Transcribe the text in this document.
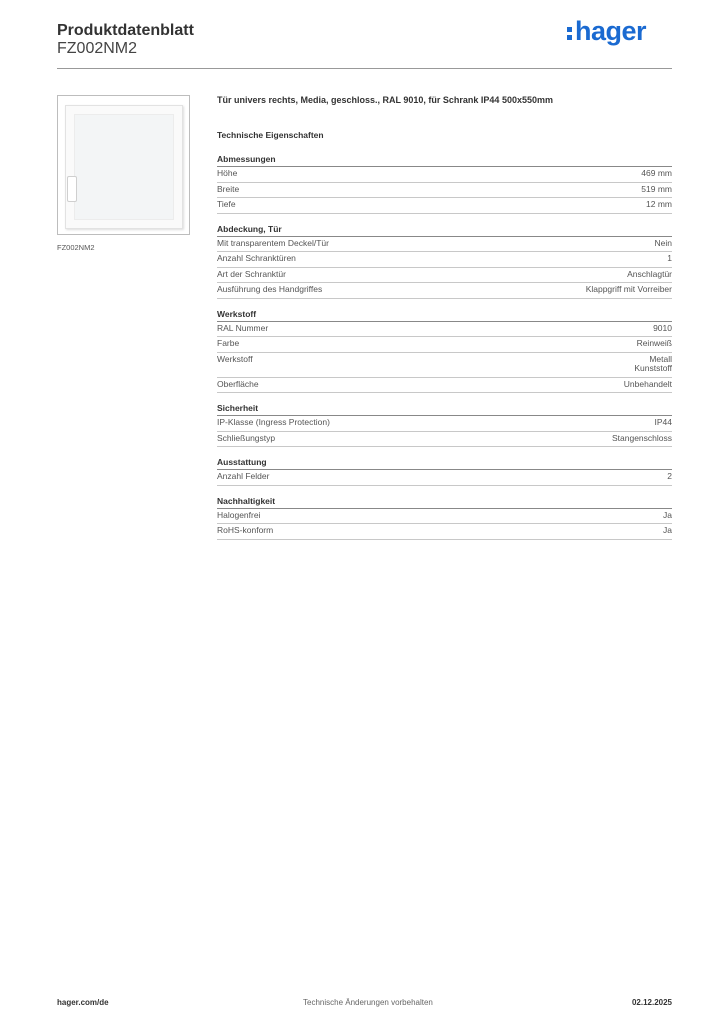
Produktdatenblatt
FZ002NM2
hager
FZ002NM2
Tür univers rechts, Media, geschloss., RAL 9010, für Schrank IP44 500x550mm
Technische Eigenschaften
Abmessungen
Höhe	469 mm
Breite	519 mm
Tiefe	12 mm
Abdeckung, Tür
Mit transparentem Deckel/Tür	Nein
Anzahl Schranktüren	1
Art der Schranktür	Anschlagtür
Ausführung des Handgriffes	Klappgriff mit Vorreiber
Werkstoff
RAL Nummer	9010
Farbe	Reinweiß
Werkstoff	Metall
Kunststoff
Oberfläche	Unbehandelt
Sicherheit
IP-Klasse (Ingress Protection)	IP44
Schließungstyp	Stangenschloss
Ausstattung
Anzahl Felder	2
Nachhaltigkeit
Halogenfrei	Ja
RoHS-konform	Ja
hager.com/de	Technische Änderungen vorbehalten	02.12.2025
